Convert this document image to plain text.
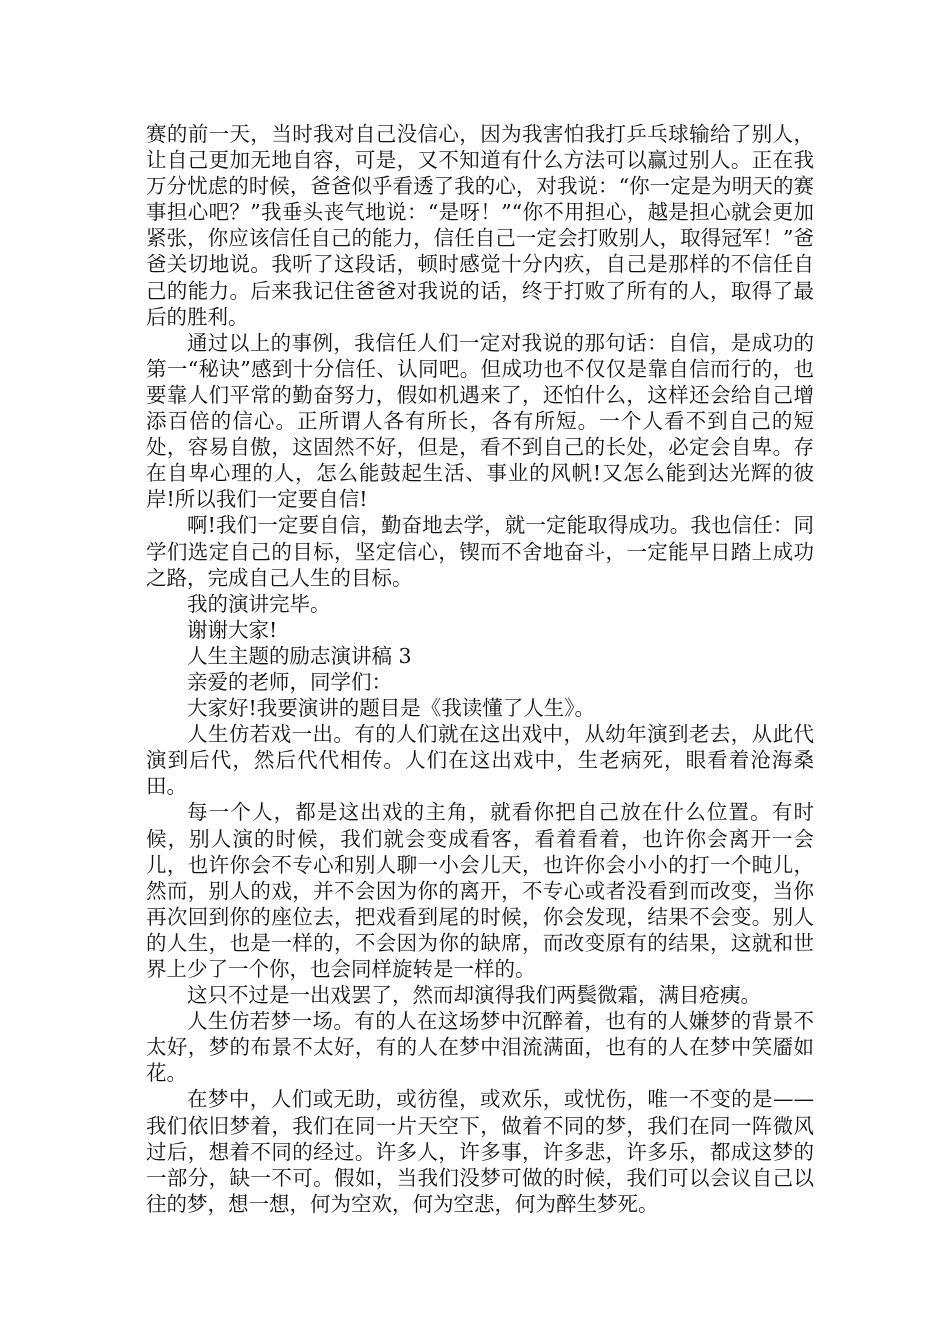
赛的前一天，当时我对自己没信心，因为我害怕我打乒乓球输给了别人，让自己更加无地自容，可是，又不知道有什么方法可以赢过别人。正在我万分忧虑的时候，爸爸似乎看透了我的心，对我说：“你一定是为明天的赛事担心吧？”我垂头丧气地说：“是呀！”“你不用担心，越是担心就会更加紧张，你应该信任自己的能力，信任自己一定会打败别人，取得冠军！”爸爸关切地说。我听了这段话，顿时感觉十分内疚，自己是那样的不信任自己的能力。后来我记住爸爸对我说的话，终于打败了所有的人，取得了最后的胜利。

通过以上的事例，我信任人们一定对我说的那句话：自信，是成功的第一“秘诀”感到十分信任、认同吧。但成功也不仅仅是靠自信而行的，也要靠人们平常的勤奋努力，假如机遇来了，还怕什么，这样还会给自己增添百倍的信心。正所谓人各有所长，各有所短。一个人看不到自己的短处，容易自傲，这固然不好，但是，看不到自己的长处，必定会自卑。存在自卑心理的人，怎么能鼓起生活、事业的风帆!又怎么能到达光辉的彼岸!所以我们一定要自信!

啊!我们一定要自信，勤奋地去学，就一定能取得成功。我也信任：同学们选定自己的目标，坚定信心，锲而不舍地奋斗，一定能早日踏上成功之路，完成自己人生的目标。

我的演讲完毕。

谢谢大家!

人生主题的励志演讲稿 3

亲爱的老师，同学们：

大家好!我要演讲的题目是《我读懂了人生》。

人生仿若戏一出。有的人们就在这出戏中，从幼年演到老去，从此代演到后代，然后代代相传。人们在这出戏中，生老病死，眼看着沧海桑田。

每一个人，都是这出戏的主角，就看你把自己放在什么位置。有时候，别人演的时候，我们就会变成看客，看着看着，也许你会离开一会儿，也许你会不专心和别人聊一小会儿天，也许你会小小的打一个盹儿，然而，别人的戏，并不会因为你的离开，不专心或者没看到而改变，当你再次回到你的座位去，把戏看到尾的时候，你会发现，结果不会变。别人的人生，也是一样的，不会因为你的缺席，而改变原有的结果，这就和世界上少了一个你，也会同样旋转是一样的。

这只不过是一出戏罢了，然而却演得我们两鬓微霜，满目疮痍。

人生仿若梦一场。有的人在这场梦中沉醉着，也有的人嫌梦的背景不太好，梦的布景不太好，有的人在梦中泪流满面，也有的人在梦中笑靥如花。

在梦中，人们或无助，或彷徨，或欢乐，或忧伤，唯一不变的是——我们依旧梦着，我们在同一片天空下，做着不同的梦，我们在同一阵微风过后，想着不同的经过。许多人，许多事，许多悲，许多乐，都成这梦的一部分，缺一不可。假如，当我们没梦可做的时候，我们可以会议自己以往的梦，想一想，何为空欢，何为空悲，何为醉生梦死。
